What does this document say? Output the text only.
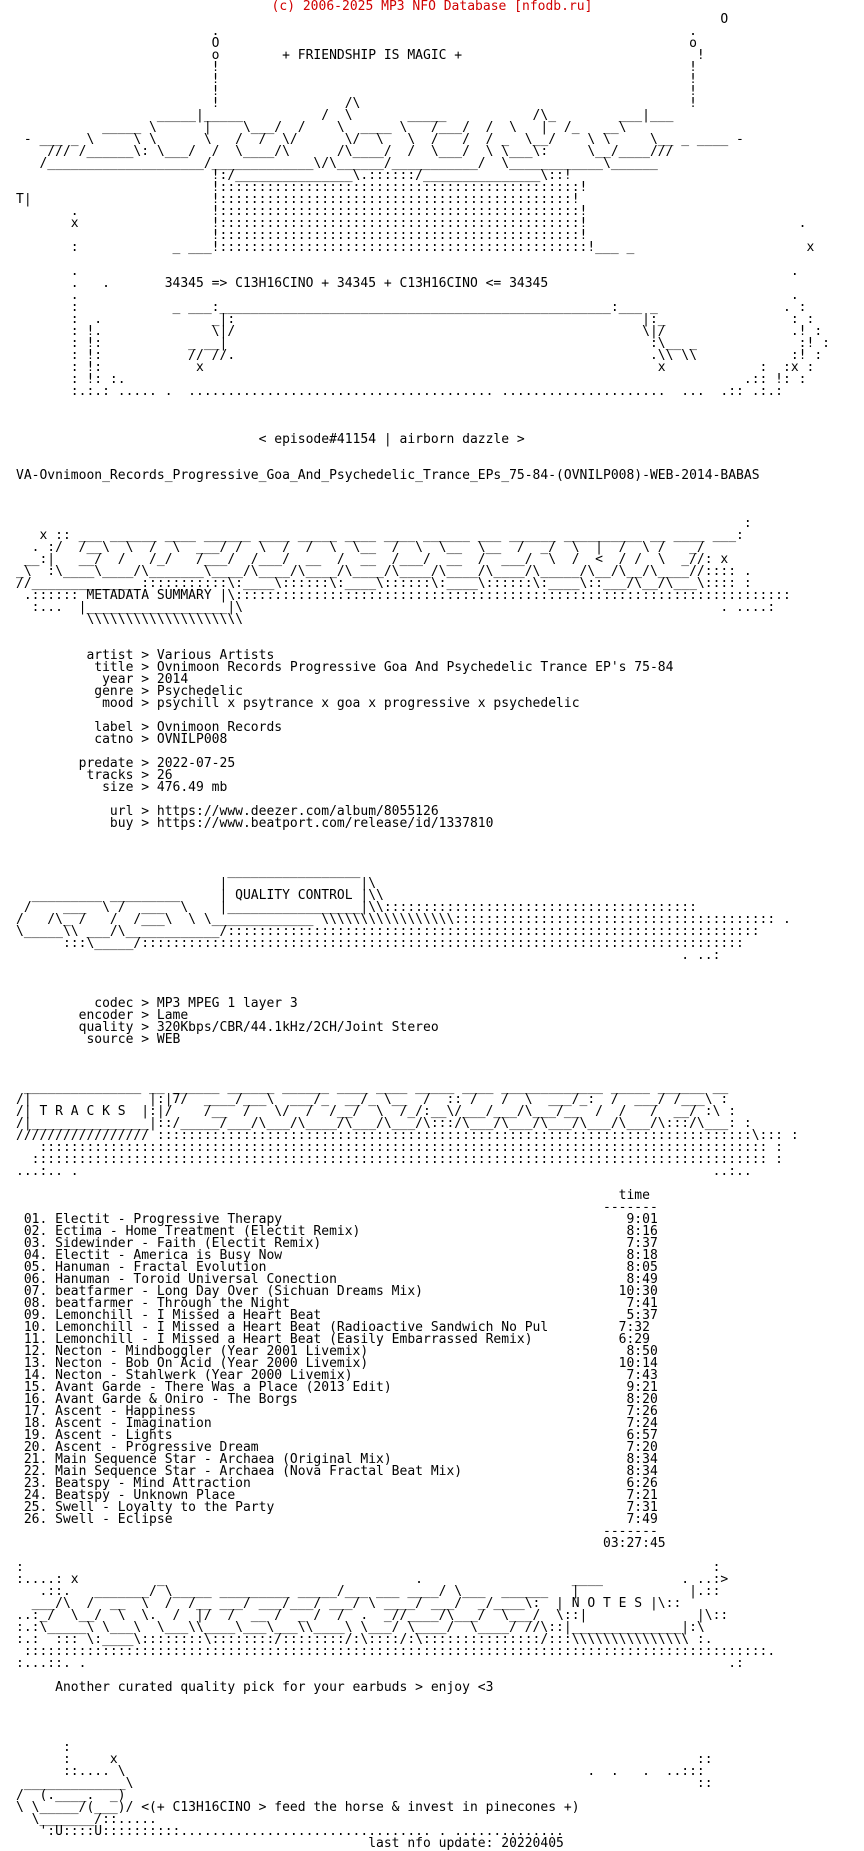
(c) 2006-2025 MP3 NFO Database [nfodb.ru]
O
.                                                            .
O                                                            o
o        + FRIENDSHIP IS MAGIC +                              !
!                                                            !
!                                                            !
!                                                            !
!                /\                                          !
_____|_____          /  \       _____           /\_        ___|___
_____ \      |    \___/  /    \  ____ \   /___/  /  \   |  /_   __\
- ___ _ \     \ \      \   /  /  \/      \/  \   \  /   /  / _  \__/    \ \     \__ _ ____ -
/// /______\: \___/  /  \____/\      /\____/  /  \___/  \ \___\:     \__/____///
/____________________/_____________\/\______/___________/  \____________\______
!:/_______________\.::::::/_______________\::!
!::::::::::::::::::::::::::::::::::::::::::::::!
T|                       !:::::::::::::::::::::::::::::::::::::::::::::!
.                 !::::::::::::::::::::::::::::::::::::::::::::::!
x                 !::::::::::::::::::::::::::::::::::::::::::::::!                           .
!::::::::::::::::::::::::::::::::::::::::::::::!
:            _ ___!:::::::::::::::::::::::::::::::::::::::::::::::!___ _                      x

.                                                                                           .
.   .       34345 => C13H16CINO + 34345 + C13H16CINO <= 34345
.                                                                                           .
:            _ ___:__________________________________________________:___ _                . :
:  .              _|:                                                    |:_                : :
: !.              \|/                                                    \|/                .! :
: !:           _ __|                                                      :\__ _             :! :
: !:           // //.                                                     .\\ \\            :! :
: !:            x                                                          x            :  :x :
: !: :.                                                                               .:: !: :
:.:.: ..... .  ....................................... .....................  ...  .:: .:.:

< episode#41154 | airborn dazzle >

VA-Ovnimoon_Records_Progressive_Goa_And_Psychedelic_Trance_EPs_75-84-(OVNILP008)-WEB-2014-BABAS

:
x :: ___ ______ ____ ______ ____ _____ ____ ____ ______ ___ ______ __________ __ ____ ___:
. :/  /__\  \  /  \  ___/ /  \  /  /  \  \__  /  \  \__  \__  /  _/  \  |  /  \ /   _/
__:|   __/  /   /_/   /___/  /___/  __  /  __  /___/  __  /  ___/  \  /  <  / /  \  _//: x
_\  :\____\____/\_______\____/\____/\____/\____/\____/\____/\____/\_____/\__/\__/\____//:::: .
//_____________ :::::::::::\:____\::::::\:____\::::::\:____\::::::\:____\::___/\__/\___\:::: :
.:::::: METADATA SUMMARY |\:::::::::::::::::::::::::::::::::::::::::::::::::::::::::::::::::::::::
:...  |__________________|\                                                             . ....:
\\\\\\\\\\\\\\\\\\\\

artist > Various Artists
title > Ovnimoon Records Progressive Goa And Psychedelic Trance EP's 75-84
year > 2014
genre > Psychedelic
mood > psychill x psytrance x goa x progressive x psychedelic

label > Ovnimoon Records
catno > OVNILP008

predate > 2022-07-25
tracks > 26
size > 476.49 mb

url > https://www.deezer.com/album/8055126
buy > https://www.beatport.com/release/id/1337810

_________________
|                 |\
_________ _________     | QUALITY CONTROL |\\
/    ___  \ /  ___  \    |_________________|\\::::::::::::::::::::::::::::::::::::::::
/   /\_ /   /  /___\  \ \_____________ \\\\\\\\\\\\\\\\\::::::::::::::::::::::::::::::::::::::::: .
\_____\\ ___/\____________/::::::::::::::::::::::::::::::::::::::::::::::::::::::::::::::::::::
:::\_____/:::::::::::::::::::::::::::::::::::::::::::::::::::::::::::::::::::::::::::::
. ..:

codec > MP3 MPEG 1 layer 3
encoder > Lame
quality > 320Kbps/CBR/44.1kHz/2CH/Joint Stereo
source > WEB

_______________ __ ______ ______ ______ ____ ____ _____ ____ _____________ _____ ______ __
/|               |:|7/  ____/___\  ___/_  __/_ \__  /  :: /   /  \  ___/_:  /  ___/ /___\ :
/| T R A C K S  |:|/    /__  /   \/  /  /__/  \  /_/:__\/___/___/\___/__  /  /   /  __/ :\ :
/|_______________|::/_____/___/\___/\____/\___/\___/\:::/\___/\___/\___/\___/\___/\:::/\___: :
///////////////// ::::::::::::::::::::::::::::::::::::::::::::::::::::::::::::::::::::::::::::\::: :
::::::::::::::::::::::::::::::::::::::::::::::::::::::::::::::::::::::::::::::::::::::::::::: :
:::::::::::::::::::::::::::::::::::::::::::::::::::::::::::::::::::::::::::::::::::::::::::::: :
...:.. .                                                                                 ..:..

time
-------
01. Electit - Progressive Therapy                                            9:01
02. Ectima - Home Treatment (Electit Remix)                                  8:16
03. Sidewinder - Faith (Electit Remix)                                       7:37
04. Electit - America is Busy Now                                            8:18
05. Hanuman - Fractal Evolution                                              8:05
06. Hanuman - Toroid Universal Conection                                     8:49
07. beatfarmer - Long Day Over (Sichuan Dreams Mix)                         10:30
08. beatfarmer - Through the Night                                           7:41
09. Lemonchill - I Missed a Heart Beat                                       5:37
10. Lemonchill - I Missed a Heart Beat (Radioactive Sandwich No Pul         7:32
11. Lemonchill - I Missed a Heart Beat (Easily Embarrassed Remix)           6:29
12. Necton - Mindboggler (Year 2001 Livemix)                                 8:50
13. Necton - Bob On Acid (Year 2000 Livemix)                                10:14
14. Necton - Stahlwerk (Year 2000 Livemix)                                   7:43
15. Avant Garde - There Was a Place (2013 Edit)                              9:21
16. Avant Garde & Oniro - The Borgs                                          8:20
17. Ascent - Happiness                                                       7:26
18. Ascent - Imagination                                                     7:24
19. Ascent - Lights                                                          6:57
20. Ascent - Progressive Dream                                               7:20
21. Main Sequence Star - Archaea (Original Mix)                              8:34
22. Main Sequence Star - Archaea (Nova Fractal Beat Mix)                     8:34
23. Beatspy - Mind Attraction                                                6:26
24. Beatspy - Unknown Place                                                  7:21
25. Swell - Loyalty to the Party                                             7:31
26. Swell - Eclipse                                                          7:49
-------
03:27:45

:                                                                                        :
:....: x          _                                .                   ____          . ..:>
.::.   _______/ \_____ _________ _____/___ ___ ____/ \___  ______   |              |.::
___/\  /  __  \  /  /__ ___/ ___/___/ ___/ \ ____/ ___/  _/____\:  | N O T E S |\::
..:_/  \__/  \  \.  /  |/  /  __ /  _ /  /  .  _//____/\___/  \___/  \::|              |\::
:.:\_____\ \___\  \___\\____\___\___\\____\ \___/ \____/  \____/ //\::|______________|:\
:.:  ::: \:____\::::::::\::::::::/::::::::/:\::::/:\:::::::::::::::/:::\\\\\\\\\\\\\\\ :.
:::::::::::::::::::::::::::::::::::::::::::::::::::::::::::::::::::::::::::::::::::::::::::::::.
:...::. .                                                                                  .:

Another curated quality pick for your earbuds > enjoy <3

:
:     x                                                                          ::
::.... \                                                           .  .   .  ..:::
_____________\                                                                        ::
/  (.____.  _)
\ \_____/(___)/ <(+ C13H16CINO > feed the horse & invest in pinecones +)
\_______/::.....
':U::::U::::::::::................................ . ..............
last nfo update: 20220405
